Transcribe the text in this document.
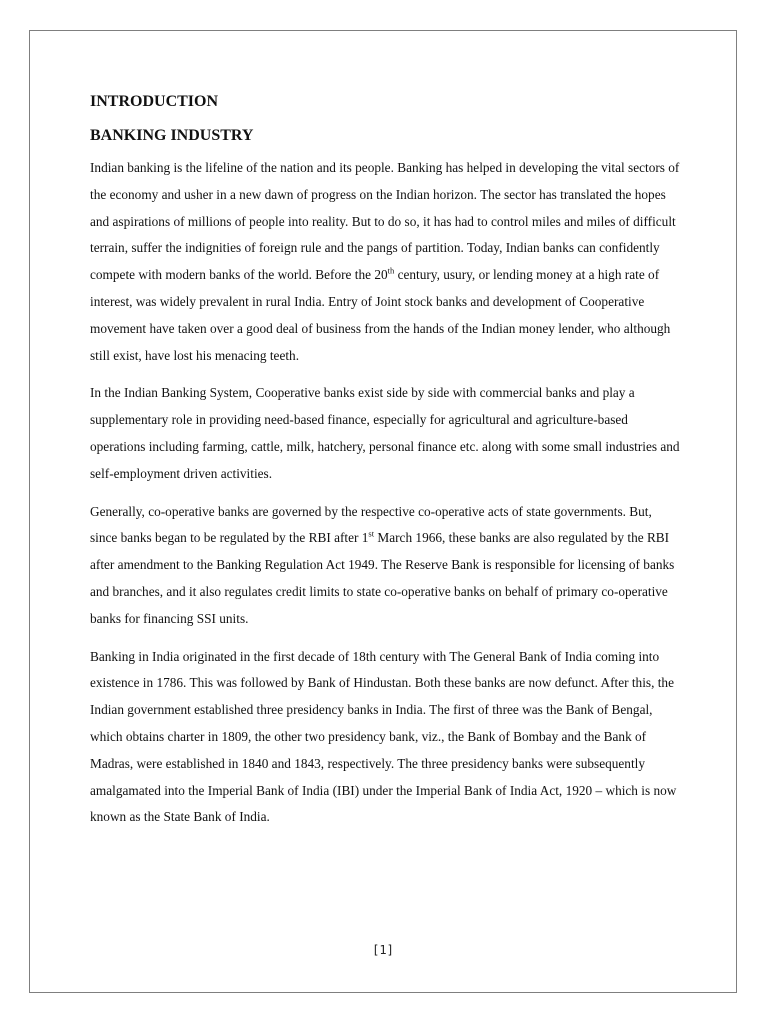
INTRODUCTION
BANKING INDUSTRY

Indian banking is the lifeline of the nation and its people. Banking has helped in developing the vital sectors of the economy and usher in a new dawn of progress on the Indian horizon. The sector has translated the hopes and aspirations of millions of people into reality. But to do so, it has had to control miles and miles of difficult terrain, suffer the indignities of foreign rule and the pangs of partition. Today, Indian banks can confidently compete with modern banks of the world. Before the 20th century, usury, or lending money at a high rate of interest, was widely prevalent in rural India. Entry of Joint stock banks and development of Cooperative movement have taken over a good deal of business from the hands of the Indian money lender, who although still exist, have lost his menacing teeth.

In the Indian Banking System, Cooperative banks exist side by side with commercial banks and play a supplementary role in providing need-based finance, especially for agricultural and agriculture-based operations including farming, cattle, milk, hatchery, personal finance etc. along with some small industries and self-employment driven activities.

Generally, co-operative banks are governed by the respective co-operative acts of state governments. But, since banks began to be regulated by the RBI after 1st March 1966, these banks are also regulated by the RBI after amendment to the Banking Regulation Act 1949. The Reserve Bank is responsible for licensing of banks and branches, and it also regulates credit limits to state co-operative banks on behalf of primary co-operative banks for financing SSI units.

Banking in India originated in the first decade of 18th century with The General Bank of India coming into existence in 1786. This was followed by Bank of Hindustan. Both these banks are now defunct. After this, the Indian government established three presidency banks in India. The first of three was the Bank of Bengal, which obtains charter in 1809, the other two presidency bank, viz., the Bank of Bombay and the Bank of Madras, were established in 1840 and 1843, respectively. The three presidency banks were subsequently amalgamated into the Imperial Bank of India (IBI) under the Imperial Bank of India Act, 1920 – which is now known as the State Bank of India.

[1]
